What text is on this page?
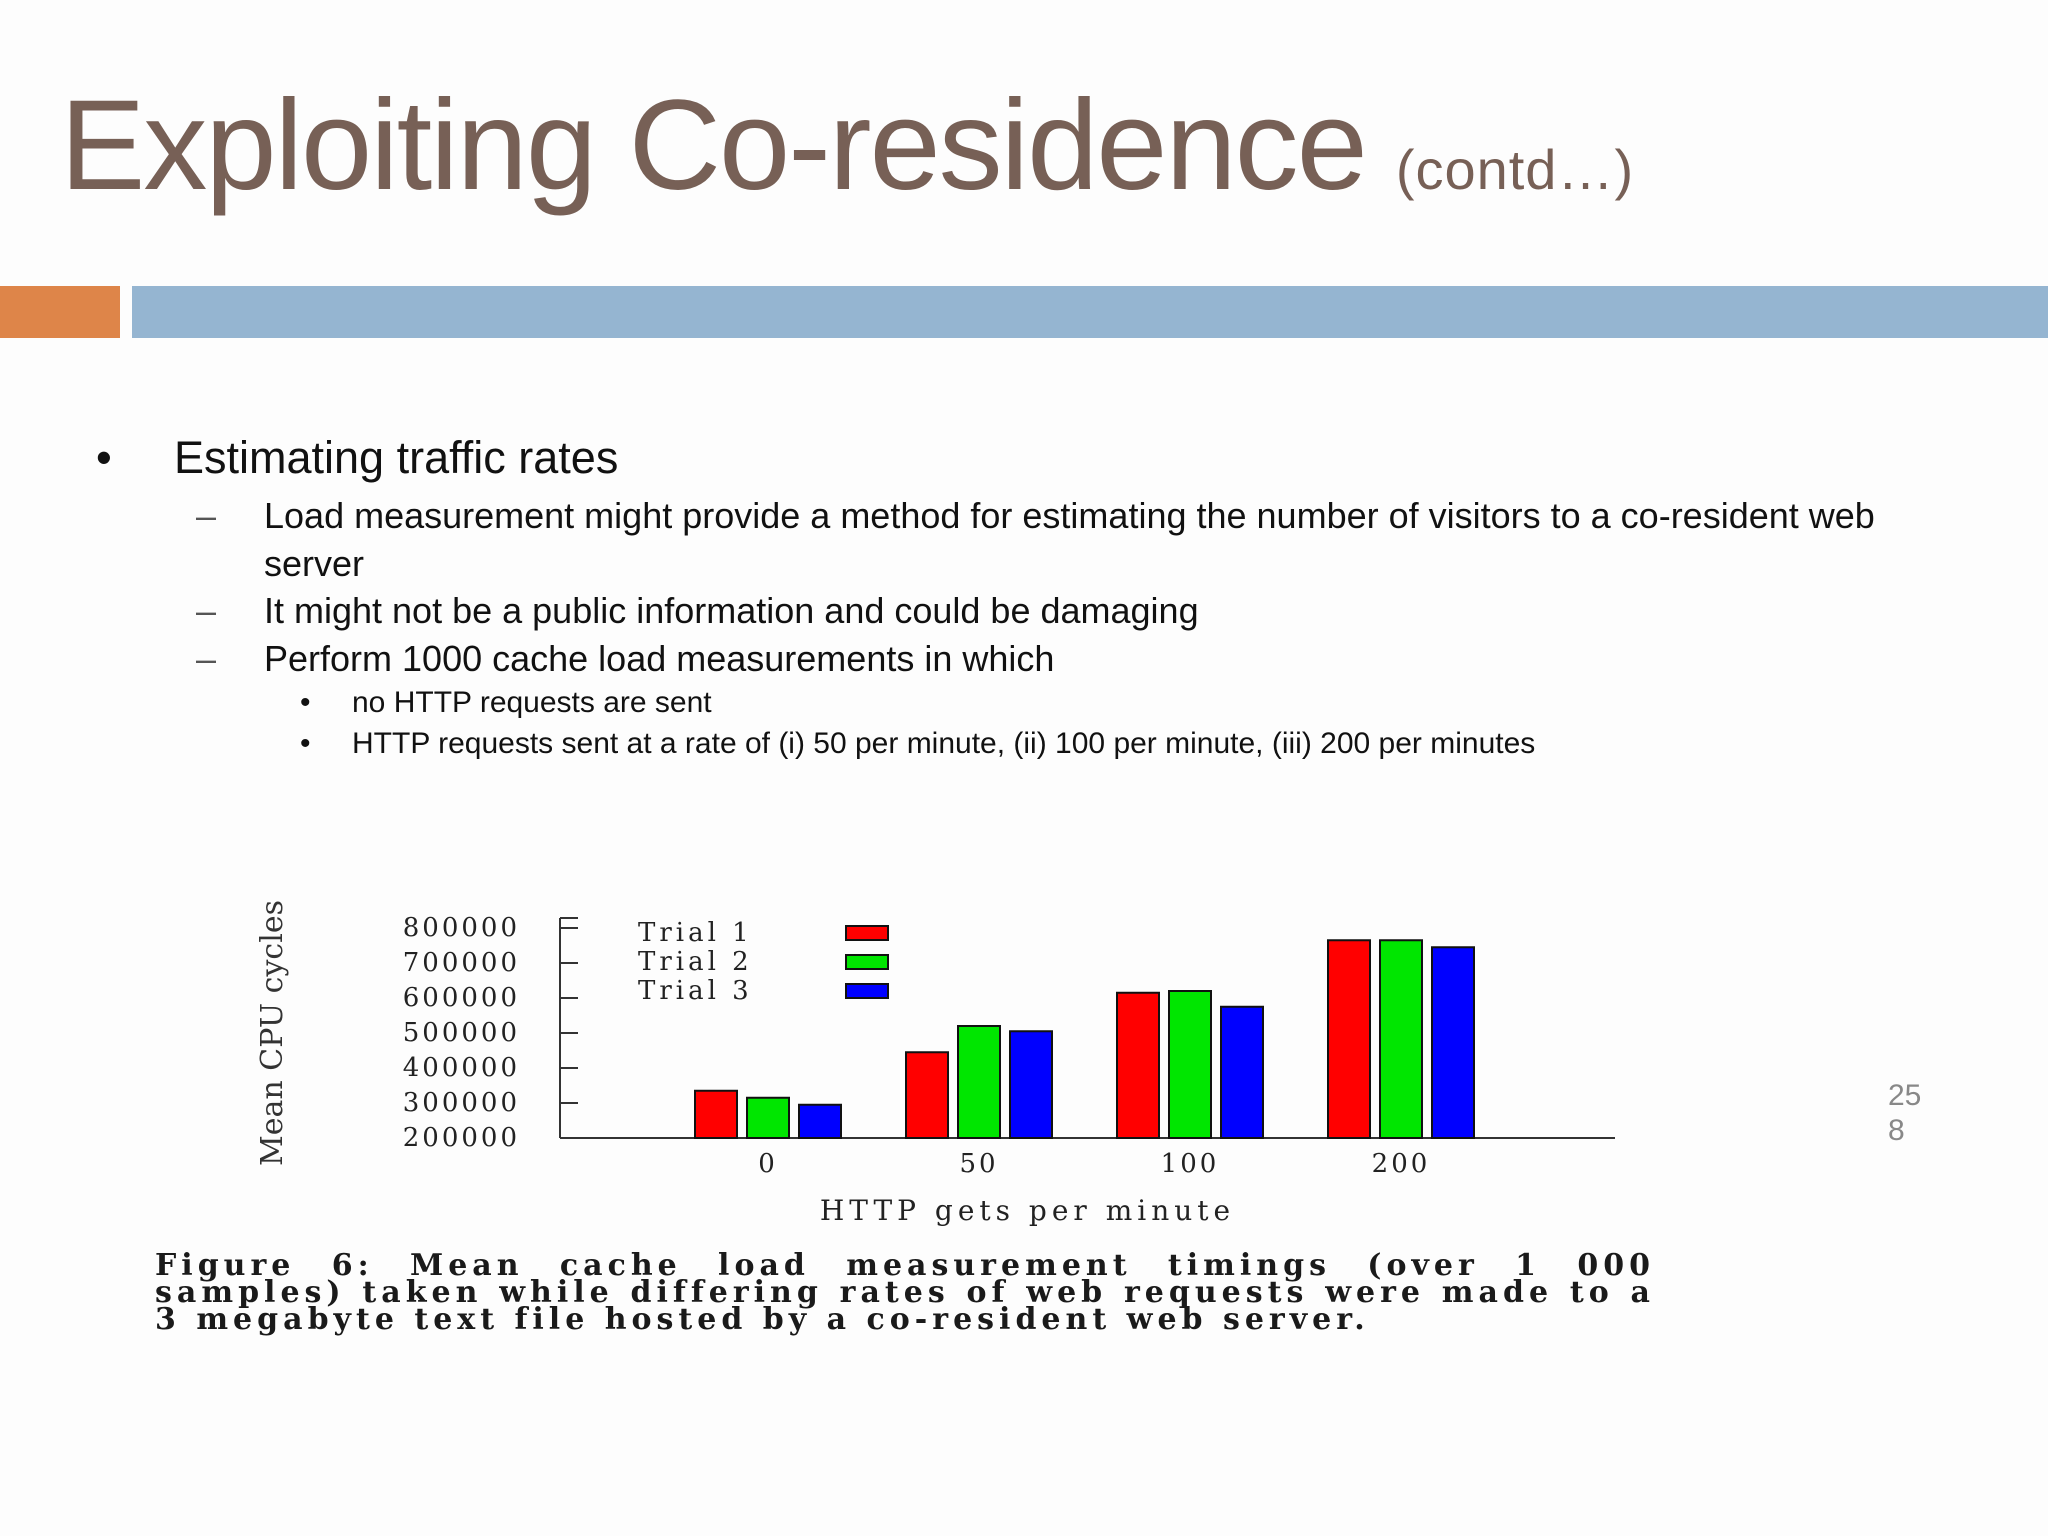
Exploiting Co-residence (contd…)
• Estimating traffic rates
– Load measurement might provide a method for estimating the number of visitors to a co-resident web server
– It might not be a public information and could be damaging
– Perform 1000 cache load measurements in which
• no HTTP requests are sent
• HTTP requests sent at a rate of (i) 50 per minute, (ii) 100 per minute, (iii) 200 per minutes
258
800000
700000
600000
500000
400000
300000
200000
0	50	100	200
Trial 1
Trial 2
Trial 3
HTTP gets per minute
Mean CPU cycles

Figure 6: Mean cache load measurement timings (over 1 000 samples) taken while differing rates of web requests were made to a 3 megabyte text file hosted by a co-resident web server.
